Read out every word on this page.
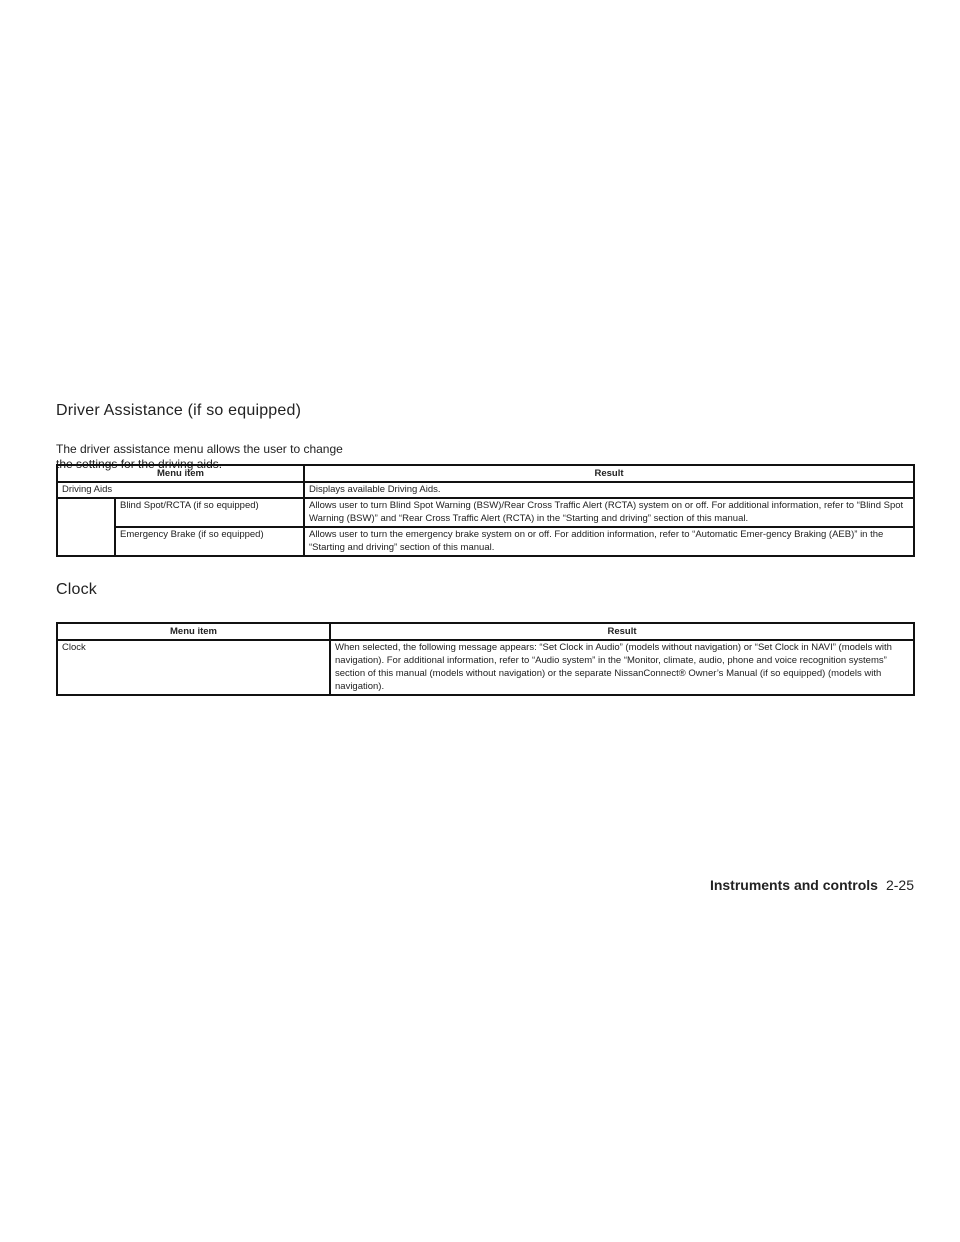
Driver Assistance (if so equipped)

The driver assistance menu allows the user to change the settings for the driving aids.

Menu item		Result
Driving Aids		Displays available Driving Aids.
	Blind Spot/RCTA (if so equipped)	Allows user to turn Blind Spot Warning (BSW)/Rear Cross Traffic Alert (RCTA) system on or off. For additional information, refer to “Blind Spot Warning (BSW)” and “Rear Cross Traffic Alert (RCTA) in the “Starting and driving” section of this manual.
	Emergency Brake (if so equipped)	Allows user to turn the emergency brake system on or off. For addition information, refer to “Automatic Emer-gency Braking (AEB)” in the “Starting and driving” section of this manual.
Clock
Menu item	Result
Clock	When selected, the following message appears: “Set Clock in Audio” (models without navigation) or “Set Clock in NAVI” (models with navigation). For additional information, refer to “Audio system” in the “Monitor, climate, audio, phone and voice recognition systems” section of this manual (models without navigation) or the separate NissanConnect® Owner’s Manual (if so equipped) (models with navigation).
Instruments and controls 2-25
